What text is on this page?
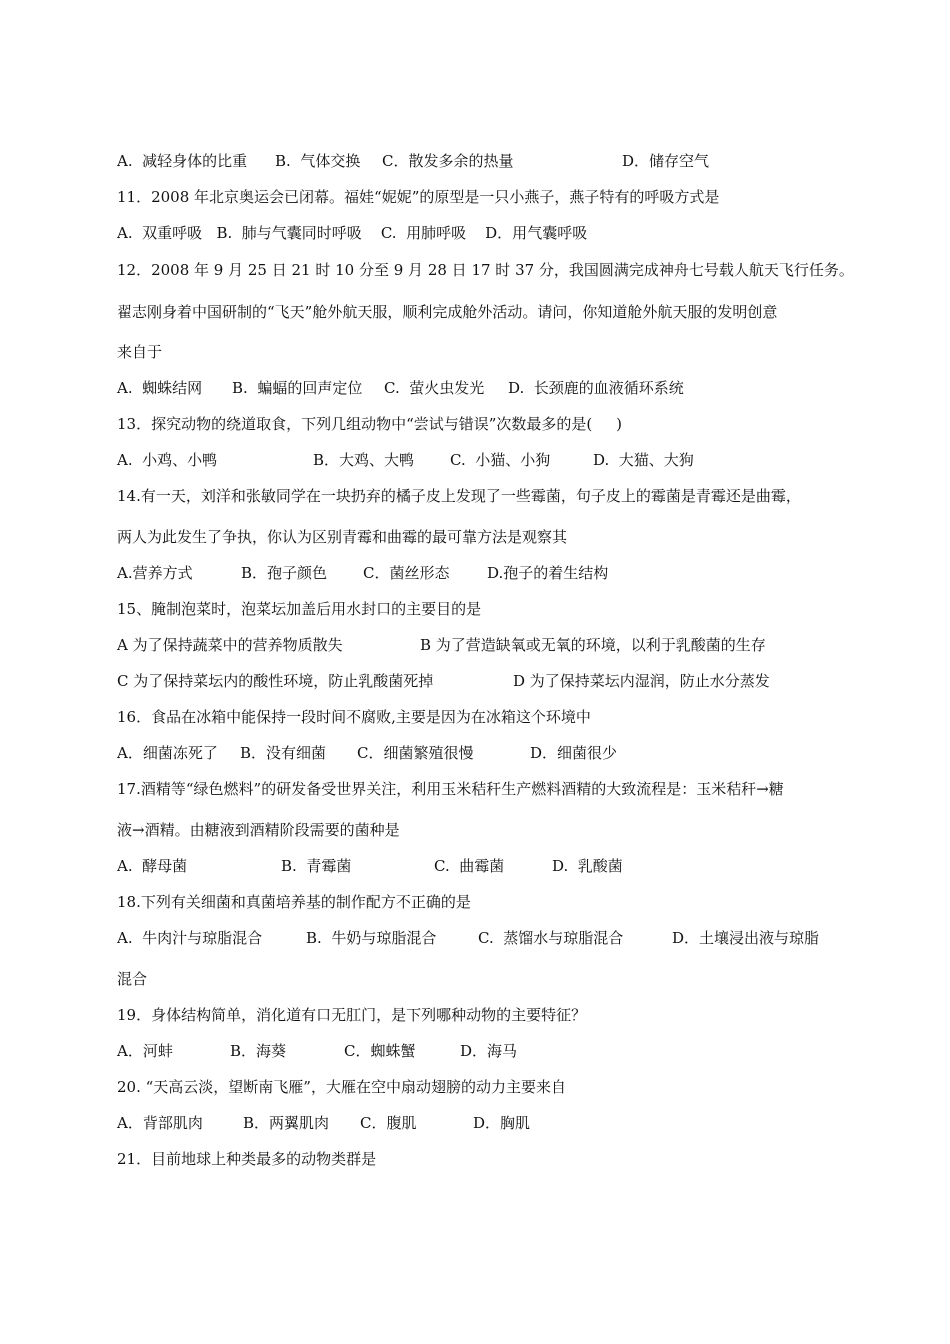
A.  减轻身体的比重 B.  气体交换 C．散发多余的热量	D．储存空气
11．2008 年北京奥运会已闭幕。福娃“妮妮”的原型是一只小燕子，燕子特有的呼吸方式是
A.  双重呼吸   B.  肺与气囊同时呼吸    C.  用肺呼吸    D．用气囊呼吸
12．2008 年 9 月 25 日 21 时 10 分至 9 月 28 日 17 时 37 分，我国圆满完成神舟七号载人航天飞行任务。
翟志刚身着中国研制的“飞天”舱外航天服，顺利完成舱外活动。请问，你知道舱外航天服的发明创意
来自于
A.  蜘蛛结网 B.  蝙蝠的回声定位 C.  萤火虫发光 D.  长颈鹿的血液循环系统
13．探究动物的绕道取食，下列几组动物中“尝试与错误”次数最多的是(     )
A.  小鸡、小鸭	B．大鸡、大鸭 C.  小猫、小狗	D.  大猫、大狗
14.有一天，刘洋和张敏同学在一块扔弃的橘子皮上发现了一些霉菌，句子皮上的霉菌是青霉还是曲霉，
两人为此发生了争执，你认为区别青霉和曲霉的最可靠方法是观察其
A.营养方式	B．孢子颜色 C．菌丝形态	D.孢子的着生结构
15、腌制泡菜时，泡菜坛加盖后用水封口的主要目的是
A 为了保持蔬菜中的营养物质散失	B 为了营造缺氧或无氧的环境，以利于乳酸菌的生存
C 为了保持菜坛内的酸性环境，防止乳酸菌死掉	D 为了保持菜坛内湿润，防止水分蒸发
16．食品在冰箱中能保持一段时间不腐败,主要是因为在冰箱这个环境中
A．细菌冻死了 B．没有细菌 C．细菌繁殖很慢	D．细菌很少
17.酒精等“绿色燃料”的研发备受世界关注，利用玉米秸秆生产燃料酒精的大致流程是：玉米秸秆→糖
液→酒精。由糖液到酒精阶段需要的菌种是
A.  酵母菌	B.  青霉菌	C.  曲霉菌	D.  乳酸菌
18.下列有关细菌和真菌培养基的制作配方不正确的是
A.  牛肉汁与琼脂混合	B.  牛奶与琼脂混合	C.  蒸馏水与琼脂混合	D．土壤浸出液与琼脂
混合
19．身体结构简单，消化道有口无肛门，是下列哪种动物的主要特征？
A．河蚌	B．海葵	C．蜘蛛蟹	D．海马
20. “天高云淡，望断南飞雁”，大雁在空中扇动翅膀的动力主要来自
A．背部肌肉	B．两翼肌肉 C．腹肌	D．胸肌
21．目前地球上种类最多的动物类群是
